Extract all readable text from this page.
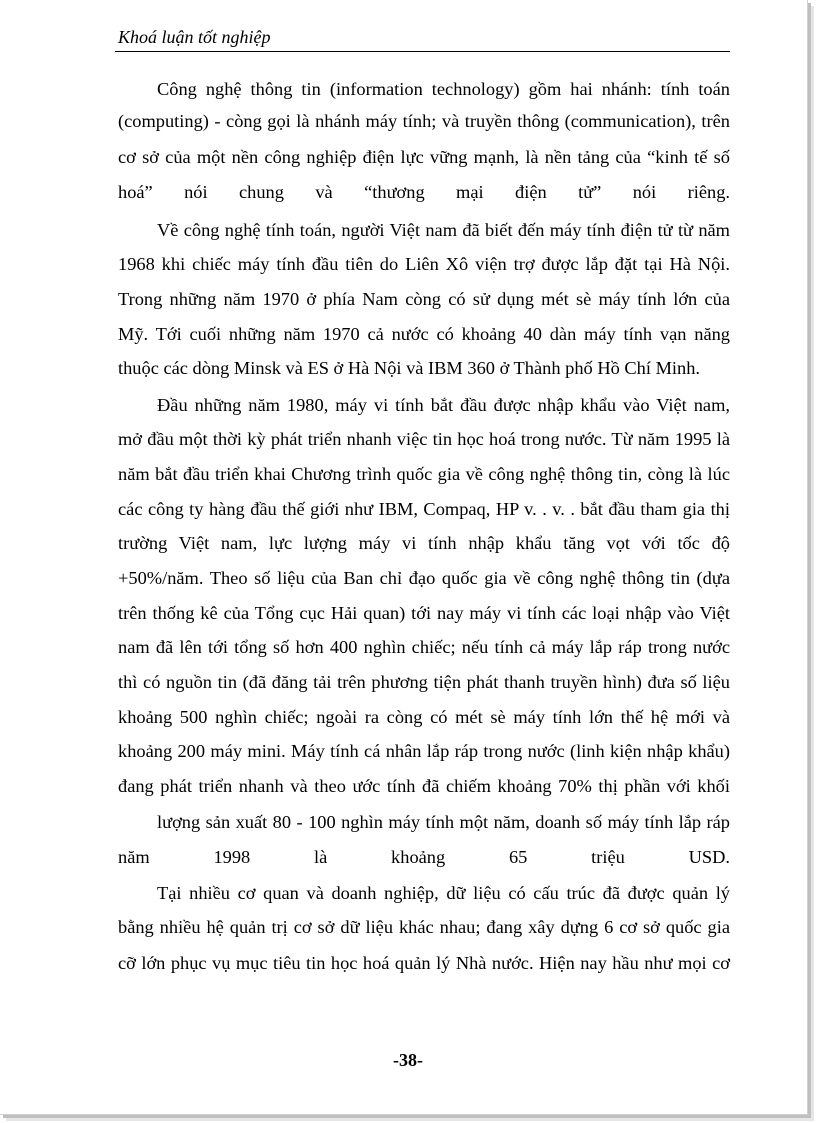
Khoá luận tốt nghiệp
Công nghệ thông tin (information technology) gồm hai nhánh: tính toán
(computing) - còng gọi là nhánh máy tính; và truyền thông (communication), trên
cơ sở của một nền công nghiệp điện lực vững mạnh, là nền tảng của “kinh tế số
hoá” nói chung và “thương mại điện tử” nói riêng.
Về công nghệ tính toán, người Việt nam đã biết đến máy tính điện tử từ năm
1968 khi chiếc máy tính đầu tiên do Liên Xô viện trợ được lắp đặt tại Hà Nội.
Trong những năm 1970 ở phía Nam còng có sử dụng mét sè máy tính lớn của
Mỹ. Tới cuối những năm 1970 cả nước có khoảng 40 dàn máy tính vạn năng
thuộc các dòng Minsk và ES ở Hà Nội và IBM 360 ở Thành phố Hồ Chí Minh.
Đầu những năm 1980, máy vi tính bắt đầu được nhập khẩu vào Việt nam,
mở đầu một thời kỳ phát triển nhanh việc tin học hoá trong nước. Từ năm 1995 là
năm bắt đầu triển khai Chương trình quốc gia về công nghệ thông tin, còng là lúc
các công ty hàng đầu thế giới như IBM, Compaq, HP v. . v. . bắt đầu tham gia thị
trường Việt nam, lực lượng máy vi tính nhập khẩu tăng vọt với tốc độ
+50%/năm. Theo số liệu của Ban chỉ đạo quốc gia về công nghệ thông tin (dựa
trên thống kê của Tổng cục Hải quan) tới nay máy vi tính các loại nhập vào Việt
nam đã lên tới tổng số hơn 400 nghìn chiếc; nếu tính cả máy lắp ráp trong nước
thì có nguồn tin (đã đăng tải trên phương tiện phát thanh truyền hình) đưa số liệu
khoảng 500 nghìn chiếc; ngoài ra còng có mét sè máy tính lớn thế hệ mới và
khoảng 200 máy mini. Máy tính cá nhân lắp ráp trong nước (linh kiện nhập khẩu)
đang phát triển nhanh và theo ước tính đã chiếm khoảng 70% thị phần với khối
lượng sản xuất 80 - 100 nghìn máy tính một năm, doanh số máy tính lắp ráp
năm 1998 là khoảng 65 triệu USD.
Tại nhiều cơ quan và doanh nghiệp, dữ liệu có cấu trúc đã được quản lý
bằng nhiều hệ quản trị cơ sở dữ liệu khác nhau; đang xây dựng 6 cơ sở quốc gia
cỡ lớn phục vụ mục tiêu tin học hoá quản lý Nhà nước. Hiện nay hầu như mọi cơ
-38-
